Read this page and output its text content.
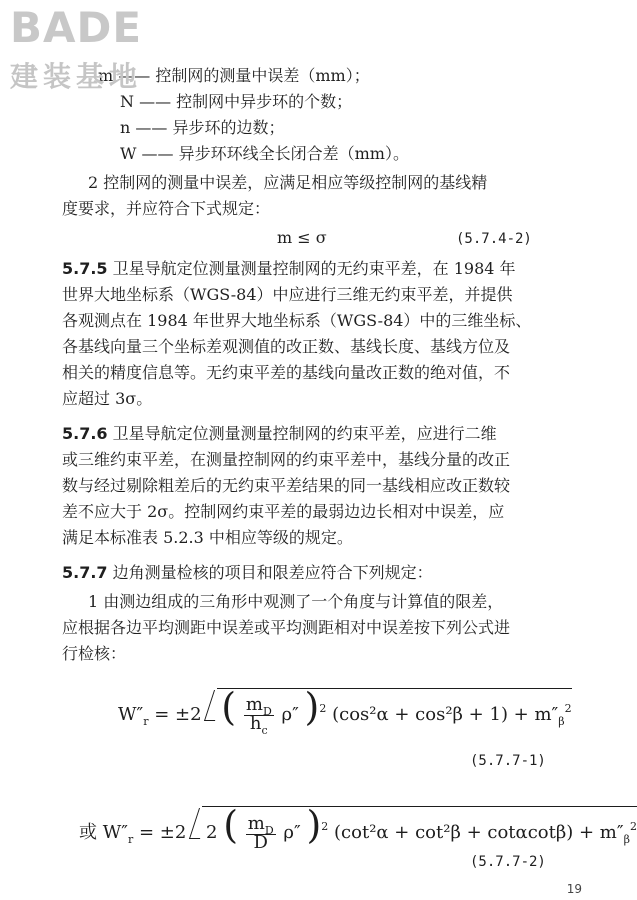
BADE
建装基地
m —— 控制网的测量中误差（mm）；
N —— 控制网中异步环的个数；
n —— 异步环的边数；
W —— 异步环环线全长闭合差（mm）。
2 控制网的测量中误差，应满足相应等级控制网的基线精
度要求，并应符合下式规定：
m ≤ σ	(5.7.4-2)
5.7.5 卫星导航定位测量测量控制网的无约束平差，在 1984 年
世界大地坐标系（WGS-84）中应进行三维无约束平差，并提供
各观测点在 1984 年世界大地坐标系（WGS-84）中的三维坐标、
各基线向量三个坐标差观测值的改正数、基线长度、基线方位及
相关的精度信息等。无约束平差的基线向量改正数的绝对值，不
应超过 3σ。
5.7.6 卫星导航定位测量测量控制网的约束平差，应进行二维
或三维约束平差，在测量控制网的约束平差中，基线分量的改正
数与经过剔除粗差后的无约束平差结果的同一基线相应改正数较
差不应大于 2σ。控制网约束平差的最弱边边长相对中误差，应
满足本标准表 5.2.3 中相应等级的规定。
5.7.7 边角测量检核的项目和限差应符合下列规定：
1 由测边组成的三角形中观测了一个角度与计算值的限差，
应根据各边平均测距中误差或平均测距相对中误差按下列公式进
行检核：
$W''_r = \pm 2$ ( $\frac{m_D}{h_c} \rho''$ )$^2$ $(\cos^2\alpha + \cos^2\beta + 1) + m''_\beta^2$
(5.7.7-1)
或 $W''_r = \pm 2$ 2 ( $\frac{m_D}{D} \rho''$ )$^2$ $(\cot^2\alpha + \cot^2\beta + \cot\alpha\cot\beta) + m''_\beta^2$
(5.7.7-2)
19
